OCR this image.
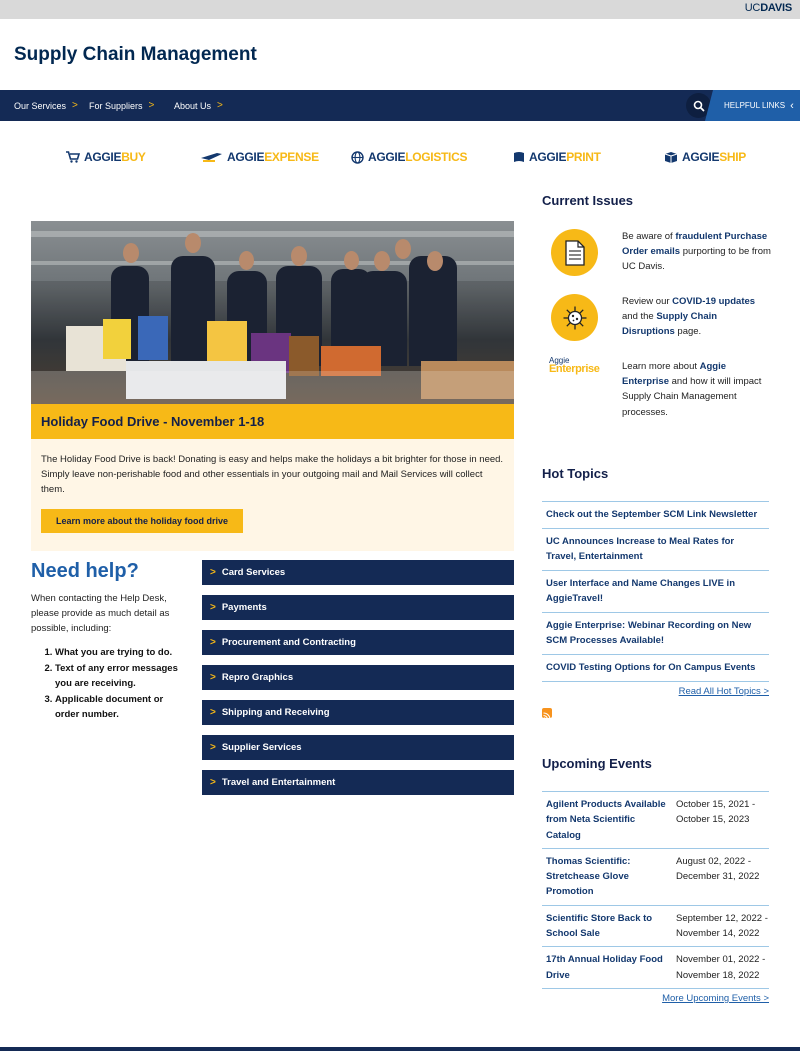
UCDAVIS
Supply Chain Management
Our Services > For Suppliers > About Us >	HELPFUL LINKS ‹
AGGIEBUY	AGGIEEXPENSE	AGGIELOGISTICS	AGGIEPRINT	AGGIESHIP
Holiday Food Drive - November 1-18

The Holiday Food Drive is back! Donating is easy and helps make the holidays a bit brighter for those in need. Simply leave non-perishable food and other essentials in your outgoing mail and Mail Services will collect them.

Learn more about the holiday food drive
Need help?

When contacting the Help Desk, please provide as much detail as possible, including:

1. What you are trying to do.
2. Text of any error messages you are receiving.
3. Applicable document or order number.
> Card Services
> Payments
> Procurement and Contracting
> Repro Graphics
> Shipping and Receiving
> Supplier Services
> Travel and Entertainment
Current Issues
Be aware of fraudulent Purchase Order emails purporting to be from UC Davis.
Review our COVID-19 updates and the Supply Chain Disruptions page.
Aggie
Enterprise Learn more about Aggie Enterprise and how it will impact Supply Chain Management processes.
Hot Topics
Check out the September SCM Link Newsletter
UC Announces Increase to Meal Rates for Travel, Entertainment
User Interface and Name Changes LIVE in AggieTravel!
Aggie Enterprise: Webinar Recording on New SCM Processes Available!
COVID Testing Options for On Campus Events
Read All Hot Topics >
Upcoming Events
Agilent Products Available from Neta Scientific Catalog
October 15, 2021 - October 15, 2023
Thomas Scientific: Stretchease Glove Promotion
August 02, 2022 - December 31, 2022
Scientific Store Back to School Sale
September 12, 2022 - November 14, 2022
17th Annual Holiday Food Drive
November 01, 2022 - November 18, 2022
More Upcoming Events >
